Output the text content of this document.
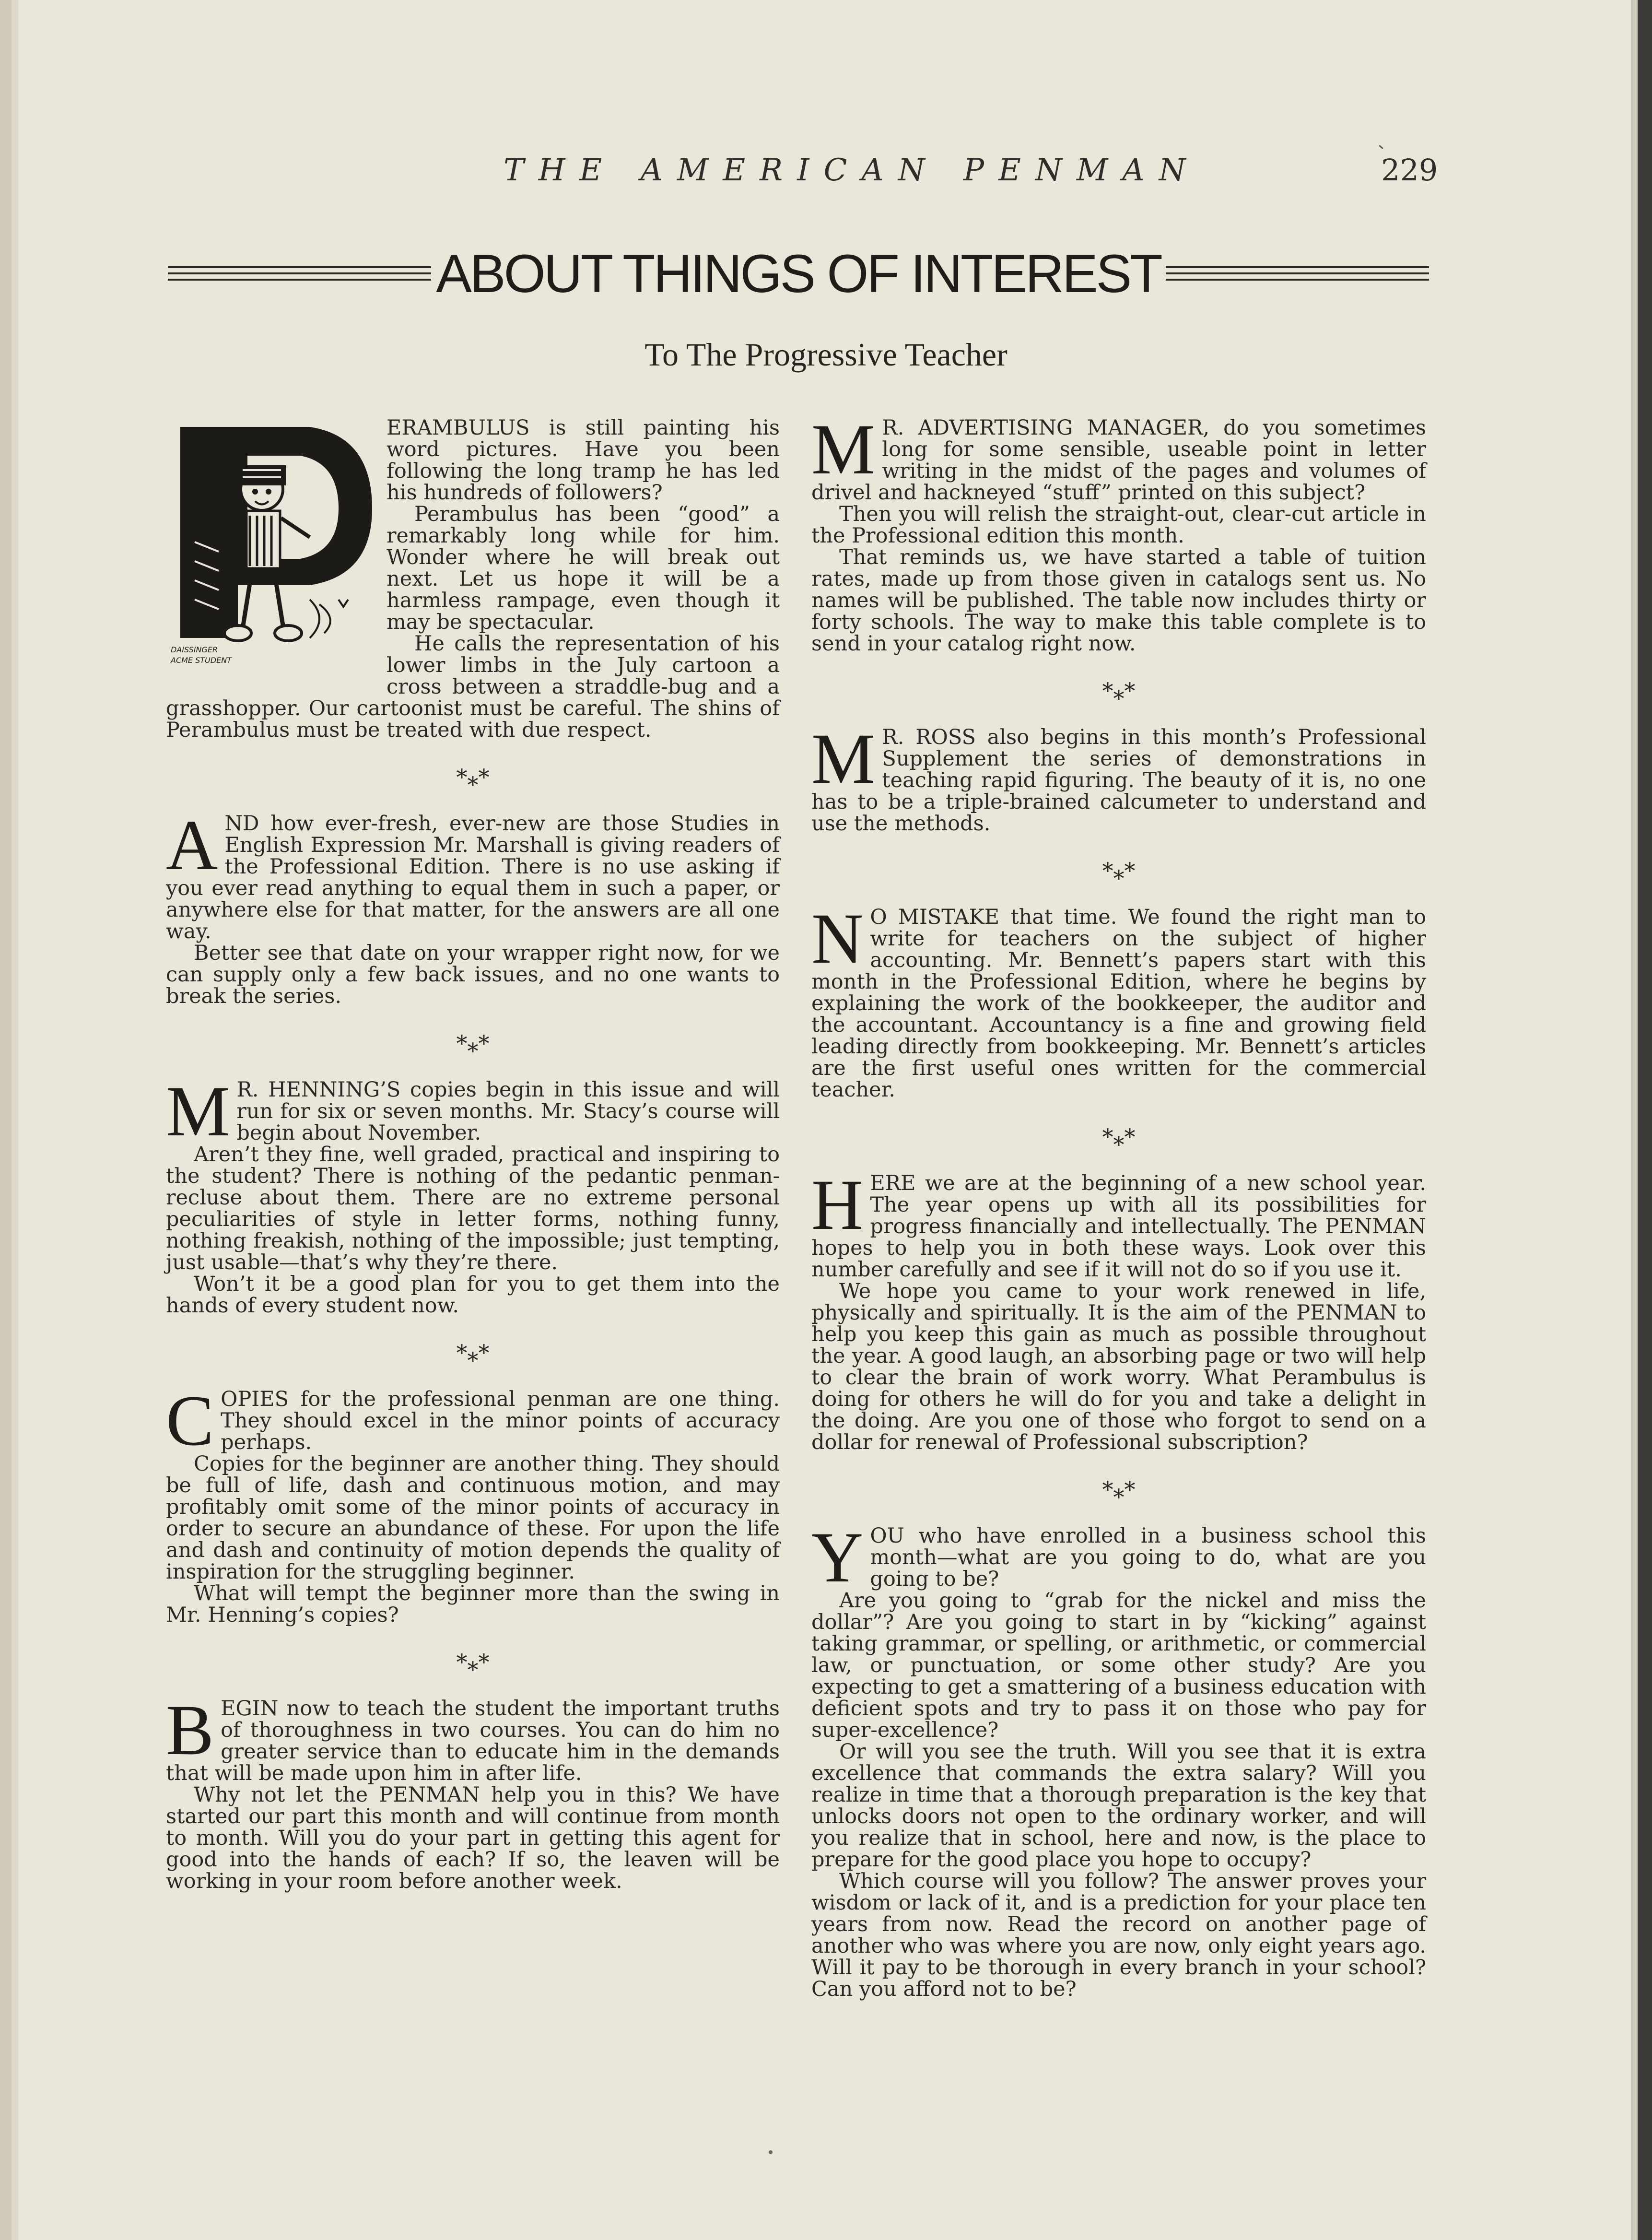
THE AMERICAN PENMAN	229
ABOUT THINGS OF INTEREST
To The Progressive Teacher
DAISSINGER
ACME STUDENT

ERAMBULUS is still painting his word pictures. Have you been following the long tramp he has led his hundreds of followers?

Perambulus has been “good” a remarkably long while for him. Wonder where he will break out next. Let us hope it will be a harmless rampage, even though it may be spectacular.

He calls the representation of his lower limbs in the July cartoon a cross between a straddle-bug and a grasshopper. Our cartoonist must be careful. The shins of Perambulus must be treated with due respect.

***

AND how ever-fresh, ever-new are those Studies in English Expression Mr. Marshall is giving readers of the Professional Edition. There is no use asking if you ever read anything to equal them in such a paper, or anywhere else for that matter, for the answers are all one way.

Better see that date on your wrapper right now, for we can supply only a few back issues, and no one wants to break the series.

***

M R. HENNING’S copies begin in this issue and will run for six or seven months. Mr. Stacy’s course will begin about November.

Aren’t they fine, well graded, practical and inspiring to the student? There is nothing of the pedantic penman-recluse about them. There are no extreme personal peculiarities of style in letter forms, nothing funny, nothing freakish, nothing of the impossible; just tempting, just usable—that’s why they’re there.

Won’t it be a good plan for you to get them into the hands of every student now.

***

COPIES for the professional penman are one thing. They should excel in the minor points of accuracy perhaps.

Copies for the beginner are another thing. They should be full of life, dash and continuous motion, and may profitably omit some of the minor points of accuracy in order to secure an abundance of these. For upon the life and dash and continuity of motion depends the quality of inspiration for the struggling beginner.

What will tempt the beginner more than the swing in Mr. Henning’s copies?

***

BEGIN now to teach the student the important truths of thoroughness in two courses. You can do him no greater service than to educate him in the demands that will be made upon him in after life.

Why not let the PENMAN help you in this? We have started our part this month and will continue from month to month. Will you do your part in getting this agent for good into the hands of each? If so, the leaven will be working in your room before another week.

M R. ADVERTISING MANAGER, do you sometimes long for some sensible, useable point in letter writing in the midst of the pages and volumes of drivel and hackneyed “stuff” printed on this subject?

Then you will relish the straight-out, clear-cut article in the Professional edition this month.

That reminds us, we have started a table of tuition rates, made up from those given in catalogs sent us. No names will be published. The table now includes thirty or forty schools. The way to make this table complete is to send in your catalog right now.

***

M R. ROSS also begins in this month’s Professional Supplement the series of demonstrations in teaching rapid figuring. The beauty of it is, no one has to be a triple-brained calcumeter to understand and use the methods.

***

N O MISTAKE that time. We found the right man to write for teachers on the subject of higher accounting. Mr. Bennett’s papers start with this month in the Professional Edition, where he begins by explaining the work of the bookkeeper, the auditor and the accountant. Accountancy is a fine and growing field leading directly from bookkeeping. Mr. Bennett’s articles are the first useful ones written for the commercial teacher.

***

HERE we are at the beginning of a new school year. The year opens up with all its possibilities for progress financially and intellectually. The PENMAN hopes to help you in both these ways. Look over this number carefully and see if it will not do so if you use it.

We hope you came to your work renewed in life, physically and spiritually. It is the aim of the PENMAN to help you keep this gain as much as possible throughout the year. A good laugh, an absorbing page or two will help to clear the brain of work worry. What Perambulus is doing for others he will do for you and take a delight in the doing. Are you one of those who forgot to send on a dollar for renewal of Professional subscription?

***

YOU who have enrolled in a business school this month—what are you going to do, what are you going to be?

Are you going to “grab for the nickel and miss the dollar”? Are you going to start in by “kicking” against taking grammar, or spelling, or arithmetic, or commercial law, or punctuation, or some other study? Are you expecting to get a smattering of a business education with deficient spots and try to pass it on those who pay for super-excellence?

Or will you see the truth. Will you see that it is extra excellence that commands the extra salary? Will you realize in time that a thorough preparation is the key that unlocks doors not open to the ordinary worker, and will you realize that in school, here and now, is the place to prepare for the good place you hope to occupy?

Which course will you follow? The answer proves your wisdom or lack of it, and is a prediction for your place ten years from now. Read the record on another page of another who was where you are now, only eight years ago. Will it pay to be thorough in every branch in your school? Can you afford not to be?
